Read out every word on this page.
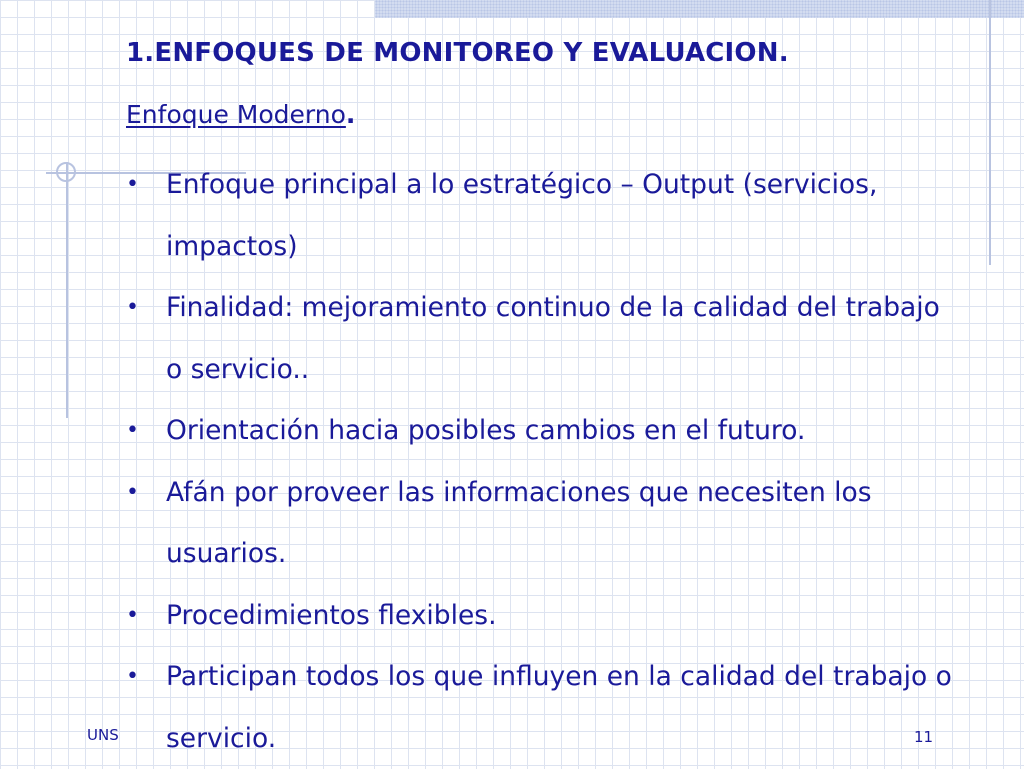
1.ENFOQUES DE MONITOREO Y EVALUACION.

Enfoque Moderno.

• Enfoque principal a lo estratégico – Output (servicios, impactos)
• Finalidad: mejoramiento continuo de la calidad del trabajo o servicio..
• Orientación hacia posibles cambios en el futuro.
• Afán por proveer las informaciones que necesiten los usuarios.
• Procedimientos flexibles.
• Participan todos los que influyen en la calidad del trabajo o servicio.
UNS	11
